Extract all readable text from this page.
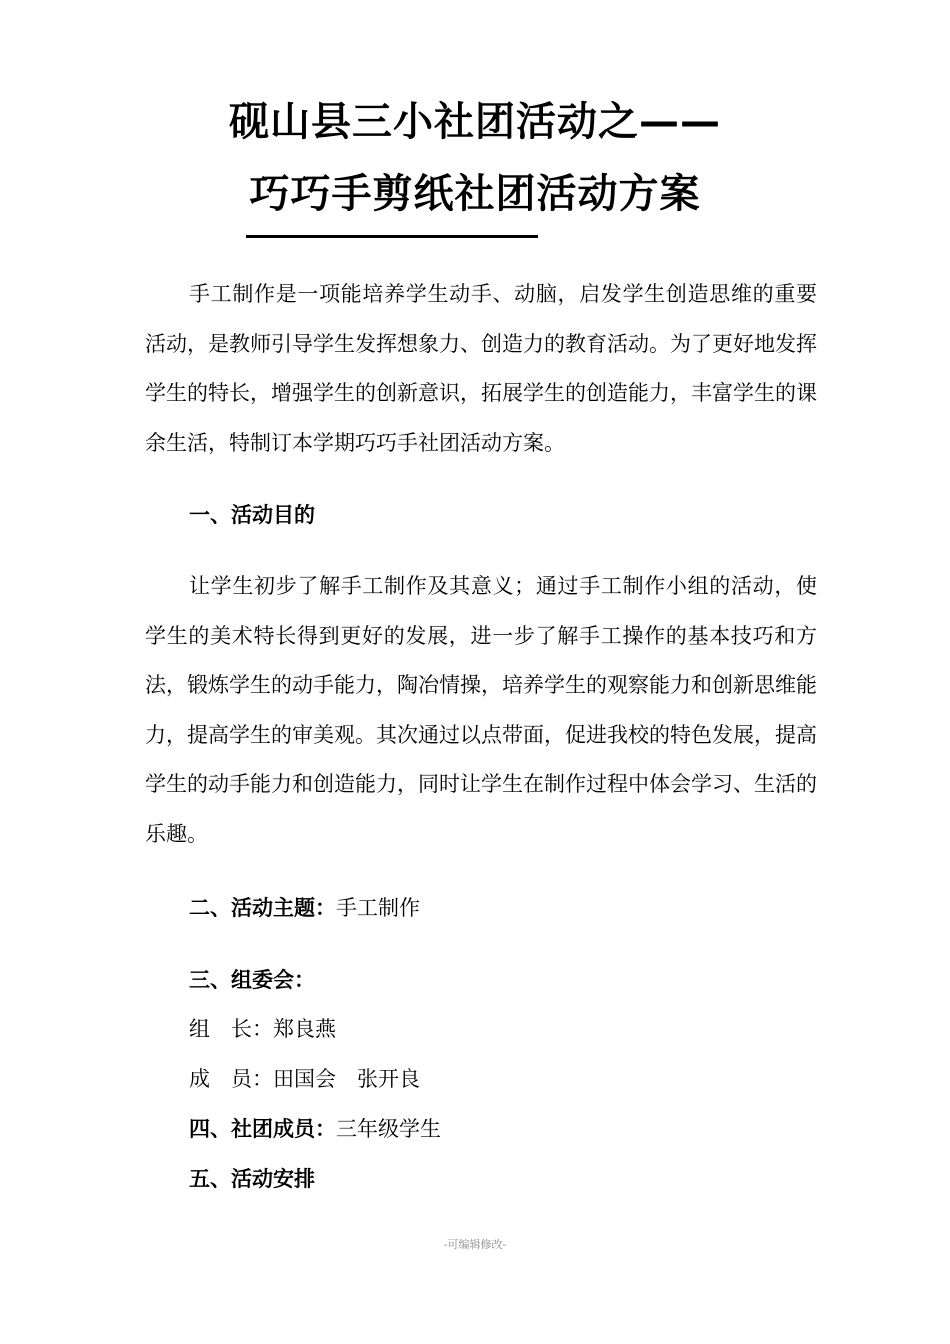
砚山县三小社团活动之——
巧巧手剪纸社团活动方案

手工制作是一项能培养学生动手、动脑，启发学生创造思维的重要活动，是教师引导学生发挥想象力、创造力的教育活动。为了更好地发挥学生的特长，增强学生的创新意识，拓展学生的创造能力，丰富学生的课余生活，特制订本学期巧巧手社团活动方案。

一、活动目的

让学生初步了解手工制作及其意义；通过手工制作小组的活动，使学生的美术特长得到更好的发展，进一步了解手工操作的基本技巧和方法，锻炼学生的动手能力，陶冶情操，培养学生的观察能力和创新思维能力，提高学生的审美观。其次通过以点带面，促进我校的特色发展，提高学生的动手能力和创造能力，同时让学生在制作过程中体会学习、生活的乐趣。

二、活动主题：手工制作
三、组委会：
组　长：郑良燕
成　员：田国会　张开良
四、社团成员：三年级学生
五、活动安排
-可编辑修改-
